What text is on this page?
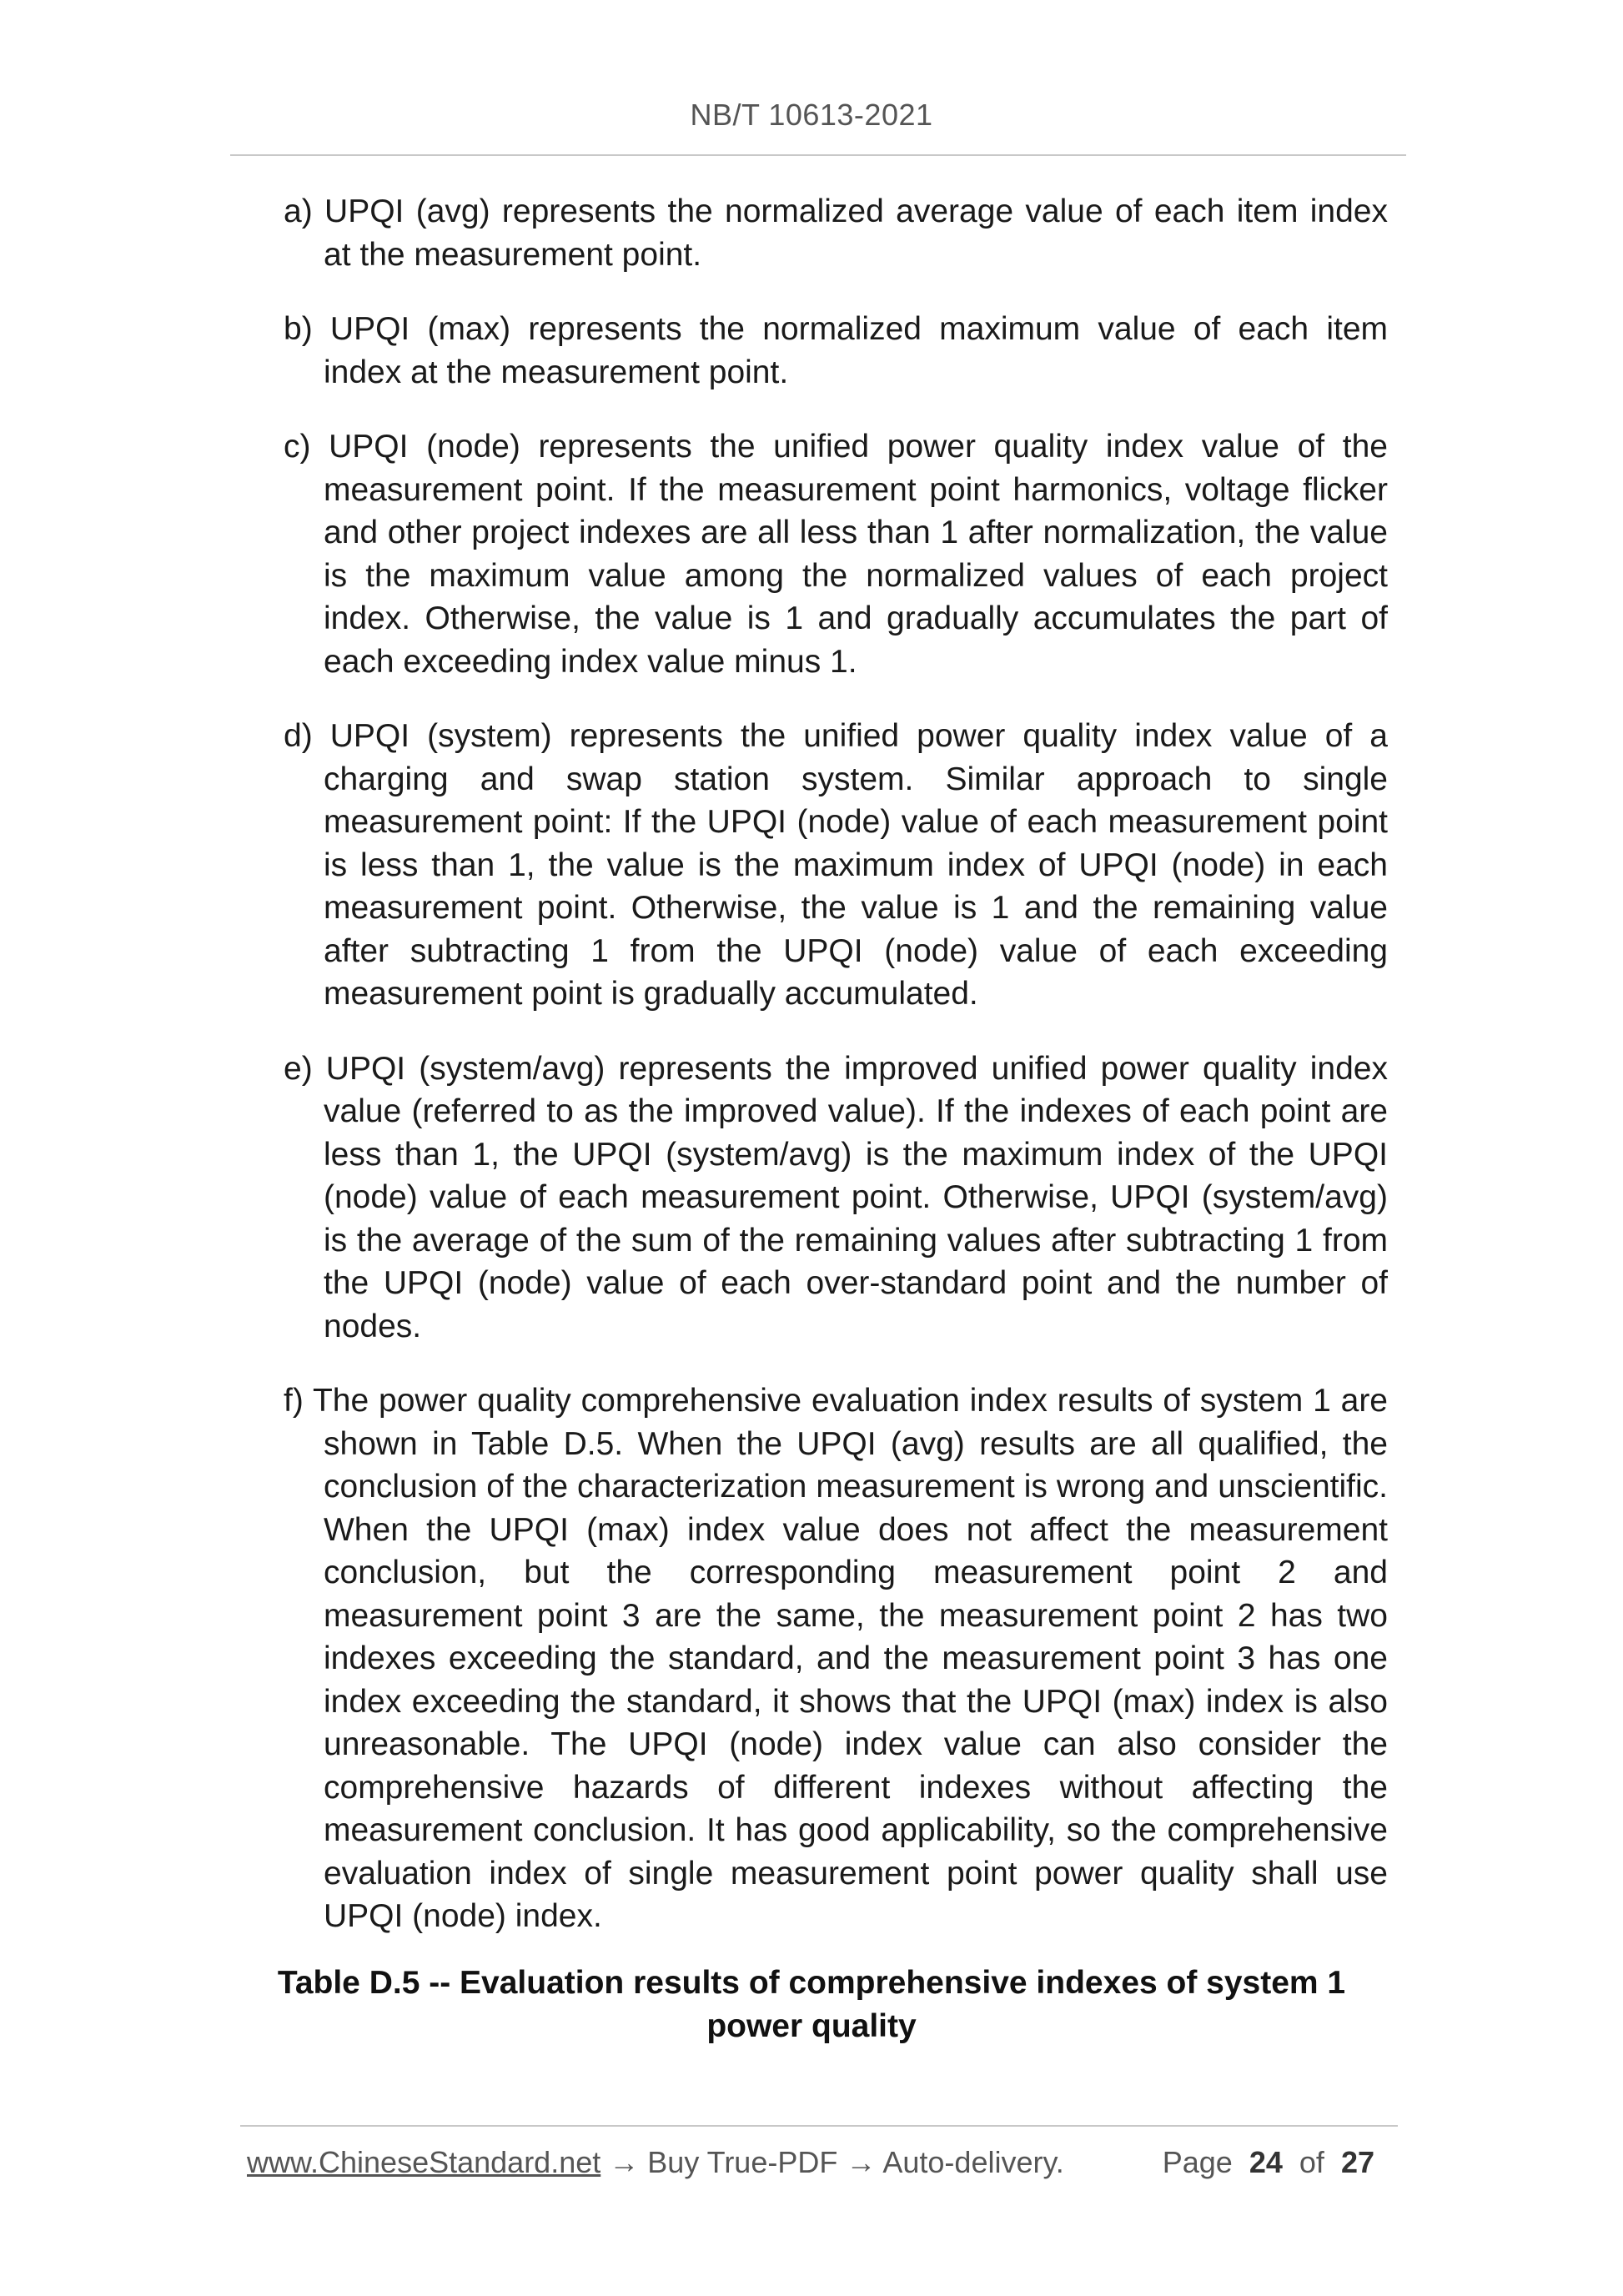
NB/T 10613-2021

a) UPQI (avg) represents the normalized average value of each item index at the measurement point.

b) UPQI (max) represents the normalized maximum value of each item index at the measurement point.

c) UPQI (node) represents the unified power quality index value of the measurement point. If the measurement point harmonics, voltage flicker and other project indexes are all less than 1 after normalization, the value is the maximum value among the normalized values of each project index. Otherwise, the value is 1 and gradually accumulates the part of each exceeding index value minus 1.

d) UPQI (system) represents the unified power quality index value of a charging and swap station system. Similar approach to single measurement point: If the UPQI (node) value of each measurement point is less than 1, the value is the maximum index of UPQI (node) in each measurement point. Otherwise, the value is 1 and the remaining value after subtracting 1 from the UPQI (node) value of each exceeding measurement point is gradually accumulated.

e) UPQI (system/avg) represents the improved unified power quality index value (referred to as the improved value). If the indexes of each point are less than 1, the UPQI (system/avg) is the maximum index of the UPQI (node) value of each measurement point. Otherwise, UPQI (system/avg) is the average of the sum of the remaining values after subtracting 1 from the UPQI (node) value of each over-standard point and the number of nodes.

f) The power quality comprehensive evaluation index results of system 1 are shown in Table D.5. When the UPQI (avg) results are all qualified, the conclusion of the characterization measurement is wrong and unscientific. When the UPQI (max) index value does not affect the measurement conclusion, but the corresponding measurement point 2 and measurement point 3 are the same, the measurement point 2 has two indexes exceeding the standard, and the measurement point 3 has one index exceeding the standard, it shows that the UPQI (max) index is also unreasonable. The UPQI (node) index value can also consider the comprehensive hazards of different indexes without affecting the measurement conclusion. It has good applicability, so the comprehensive evaluation index of single measurement point power quality shall use UPQI (node) index.

Table D.5 -- Evaluation results of comprehensive indexes of system 1
power quality
www.ChineseStandard.net → Buy True-PDF → Auto-delivery.	Page 24 of 27
